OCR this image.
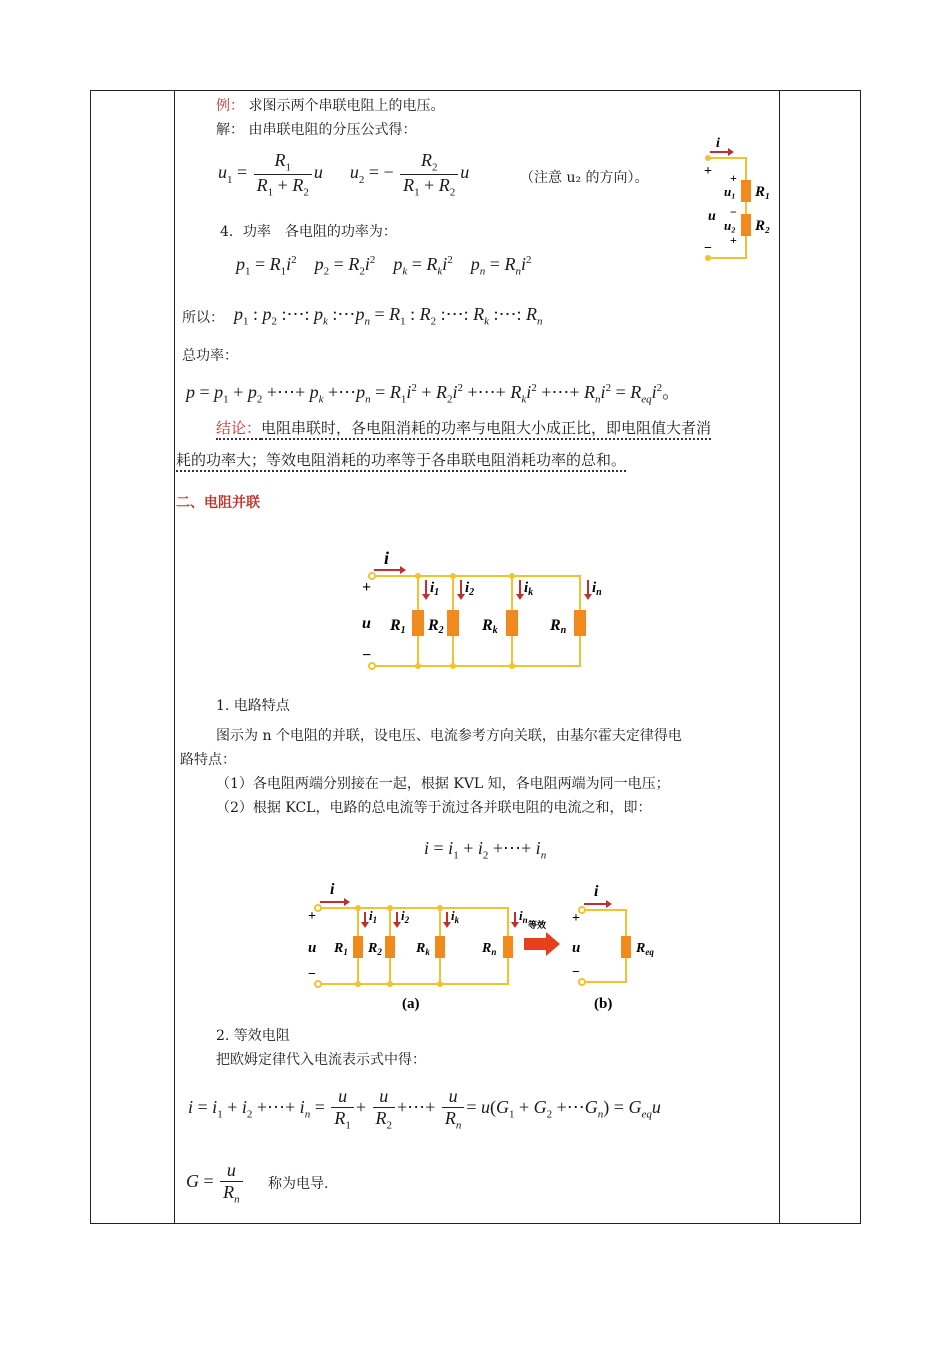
例： 求图示两个串联电阻上的电压。
解： 由串联电阻的分压公式得：
$u_1 = \frac{R_1}{R_1 + R_2}$ u      $u_2$ = − $\frac{R_2}{R_1 + R_2}$ u	（注意 u₂ 的方向）。
i
+ +
u₁ R₁
u −
u₂ R₂
+
−
4．功率　各电阻的功率为：
$p_1 = R_1i^2$    $p_2 = R_2i^2$    $p_k = R_ki^2$    $p_n = R_ni^2$
所以： $p_1$ : $p_2$ :⋯: $p_k$ $:\cdots p_n = R_1$ : $R_2$ :⋯: $R_k$ :⋯: $R_n$
总功率：
$p = p_1 + p_2$ +⋯+ $p_k$ $+\cdots p_n = R_1i^2 + R_2i^2$ +⋯+ $R_ki^2$ +⋯+ $R_ni^2 = R_{eq}i^2$。
结论：电阻串联时，各电阻消耗的功率与电阻大小成正比，即电阻值大者消
耗的功率大；等效电阻消耗的功率等于各串联电阻消耗功率的总和。
二、电阻并联
i
+
u
−
$i_1$ $i_2$	$i_k$	$i_n$
R1 R2 Rk	Rn
1. 电路特点
图示为 n 个电阻的并联，设电压、电流参考方向关联，由基尔霍夫定律得电
路特点：
（1）各电阻两端分别接在一起，根据 KVL 知，各电阻两端为同一电压；
（2）根据 KCL，电路的总电流等于流过各并联电阻的电流之和，即：
$i = i_1 + i_2$ +⋯+ $i_n$
等效
i
+
u
−
$i_1$ $i_2$	$i_k$	$i_n$
$R_1$ $R_2$ $R_k$	$R_n$
(a)
i
+
u
−
$R_{eq}$
(b)
2. 等效电阻
把欧姆定律代入电流表示式中得：
$i = i_1 + i_2$ +⋯+ $i_n = \frac{u}{R_1} + \frac{u}{R_2}$ +⋯+ $\frac{u}{R_n} = u(G_1 + G_2$ $+\cdots G_n) = G_{eq}u$
$G = \frac{u}{R_n}$ 称为电导.
